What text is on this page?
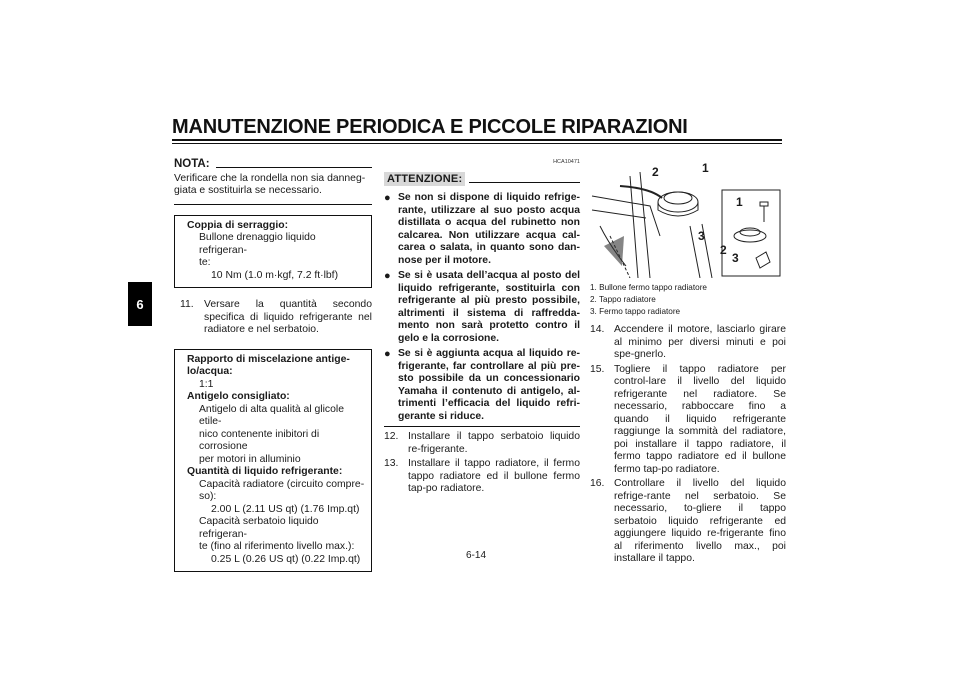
MANUTENZIONE PERIODICA E PICCOLE RIPARAZIONI
6
NOTA:
Verificare che la rondella non sia danneg-
giata e sostituirla se necessario.
Coppia di serraggio:
Bullone drenaggio liquido refrigeran-
te:
10 Nm (1.0 m·kgf, 7.2 ft·lbf)
11. Versare la quantità secondo specifica di liquido refrigerante nel radiatore e nel serbatoio.
Rapporto di miscelazione antige-
lo/acqua:
1:1
Antigelo consigliato:
Antigelo di alta qualità al glicole etile-
nico contenente inibitori di corrosione
per motori in alluminio
Quantità di liquido refrigerante:
Capacità radiatore (circuito compre-
so):
2.00 L (2.11 US qt) (1.76 Imp.qt)
Capacità serbatoio liquido refrigeran-
te (fino al riferimento livello max.):
0.25 L (0.26 US qt) (0.22 Imp.qt)
HCA10471
ATTENZIONE:
● Se non si dispone di liquido refrige-rante, utilizzare al suo posto acqua distillata o acqua del rubinetto non calcarea. Non utilizzare acqua cal-carea o salata, in quanto sono dan-nose per il motore.
● Se si è usata dell’acqua al posto del liquido refrigerante, sostituirla con refrigerante al più presto possibile, altrimenti il sistema di raffredda-mento non sarà protetto contro il gelo e la corrosione.
● Se si è aggiunta acqua al liquido re-frigerante, far controllare al più pre-sto possibile da un concessionario Yamaha il contenuto di antigelo, al-trimenti l’efficacia del liquido refri-gerante si riduce.
12. Installare il tappo serbatoio liquido re-frigerante.
13. Installare il tappo radiatore, il fermo tappo radiatore ed il bullone fermo tap-po radiatore.
2	1
3
1
2
3
1. Bullone fermo tappo radiatore
2. Tappo radiatore
3. Fermo tappo radiatore
14. Accendere il motore, lasciarlo girare al minimo per diversi minuti e poi spe-gnerlo.
15. Togliere il tappo radiatore per control-lare il livello del liquido refrigerante nel radiatore. Se necessario, rabboccare fino a quando il liquido refrigerante raggiunge la sommità del radiatore, poi installare il tappo radiatore, il fermo tappo radiatore ed il bullone fermo tap-po radiatore.
16. Controllare il livello del liquido refrige-rante nel serbatoio. Se necessario, to-gliere il tappo serbatoio liquido refrigerante ed aggiungere liquido re-frigerante fino al riferimento livello max., poi installare il tappo.
6-14
